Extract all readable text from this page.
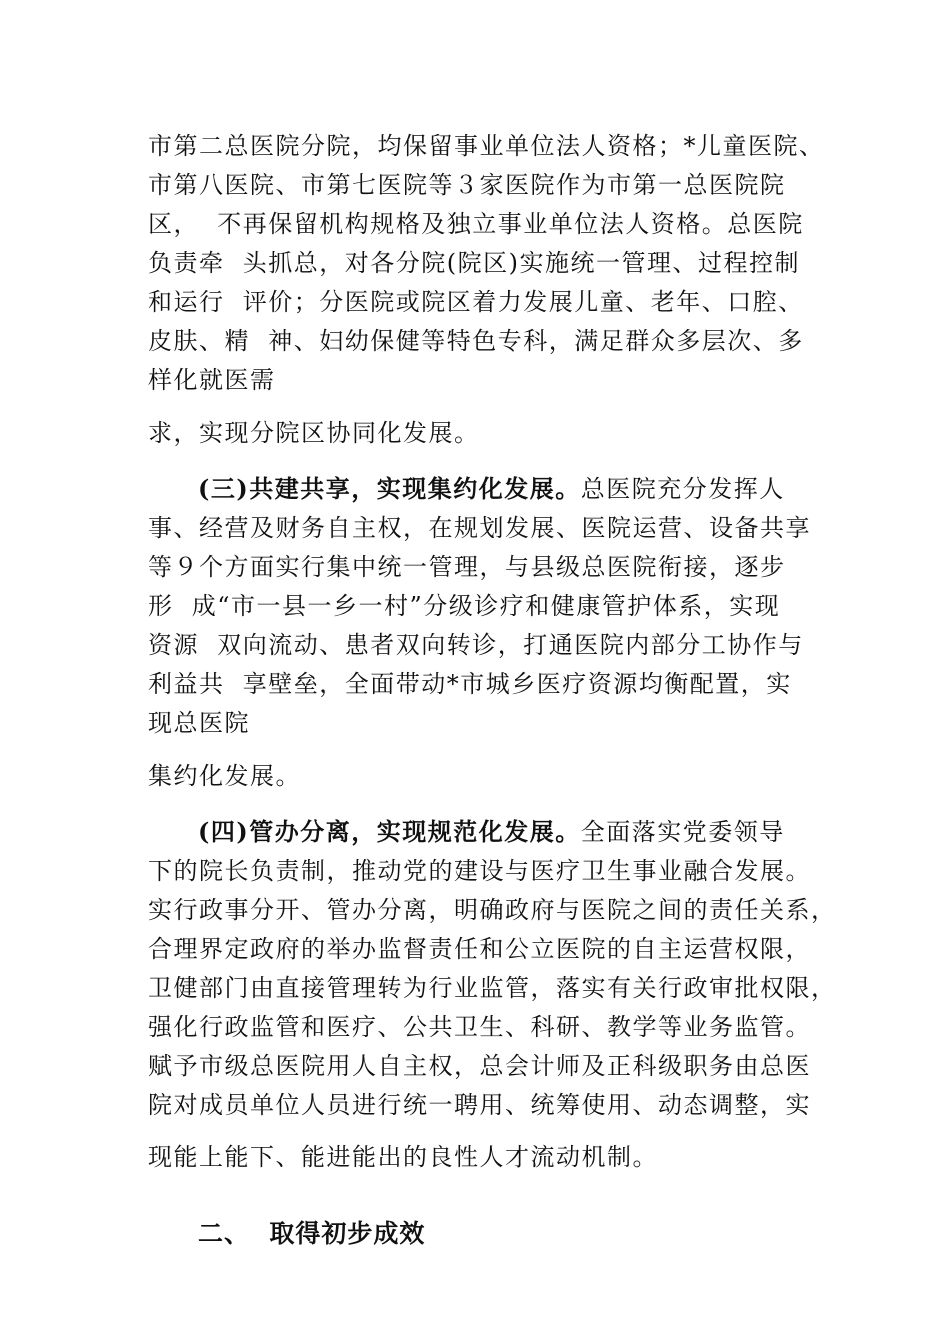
市第二总医院分院，均保留事业单位法人资格；*儿童医院、
市第八医院、市第七医院等３家医院作为市第一总医院院
区，  不再保留机构规格及独立事业单位法人资格。总医院
负责牵  头抓总，对各分院(院区)实施统一管理、过程控制
和运行  评价；分医院或院区着力发展儿童、老年、口腔、
皮肤、精  神、妇幼保健等特色专科，满足群众多层次、多
样化就医需
求，实现分院区协同化发展。
(三)共建共享，实现集约化发展。总医院充分发挥人
事、经营及财务自主权，在规划发展、医院运营、设备共享
等９个方面实行集中统一管理，与县级总医院衔接，逐步
形  成“市一县一乡一村”分级诊疗和健康管护体系，实现
资源  双向流动、患者双向转诊，打通医院内部分工协作与
利益共  享壁垒，全面带动*市城乡医疗资源均衡配置，实
现总医院
集约化发展。
(四)管办分离，实现规范化发展。全面落实党委领导
下的院长负责制，推动党的建设与医疗卫生事业融合发展。
实行政事分开、管办分离，明确政府与医院之间的责任关系，
合理界定政府的举办监督责任和公立医院的自主运营权限，
卫健部门由直接管理转为行业监管，落实有关行政审批权限，
强化行政监管和医疗、公共卫生、科研、教学等业务监管。
赋予市级总医院用人自主权，总会计师及正科级职务由总医
院对成员单位人员进行统一聘用、统筹使用、动态调整，实
现能上能下、能进能出的良性人才流动机制。
二、  取得初步成效
